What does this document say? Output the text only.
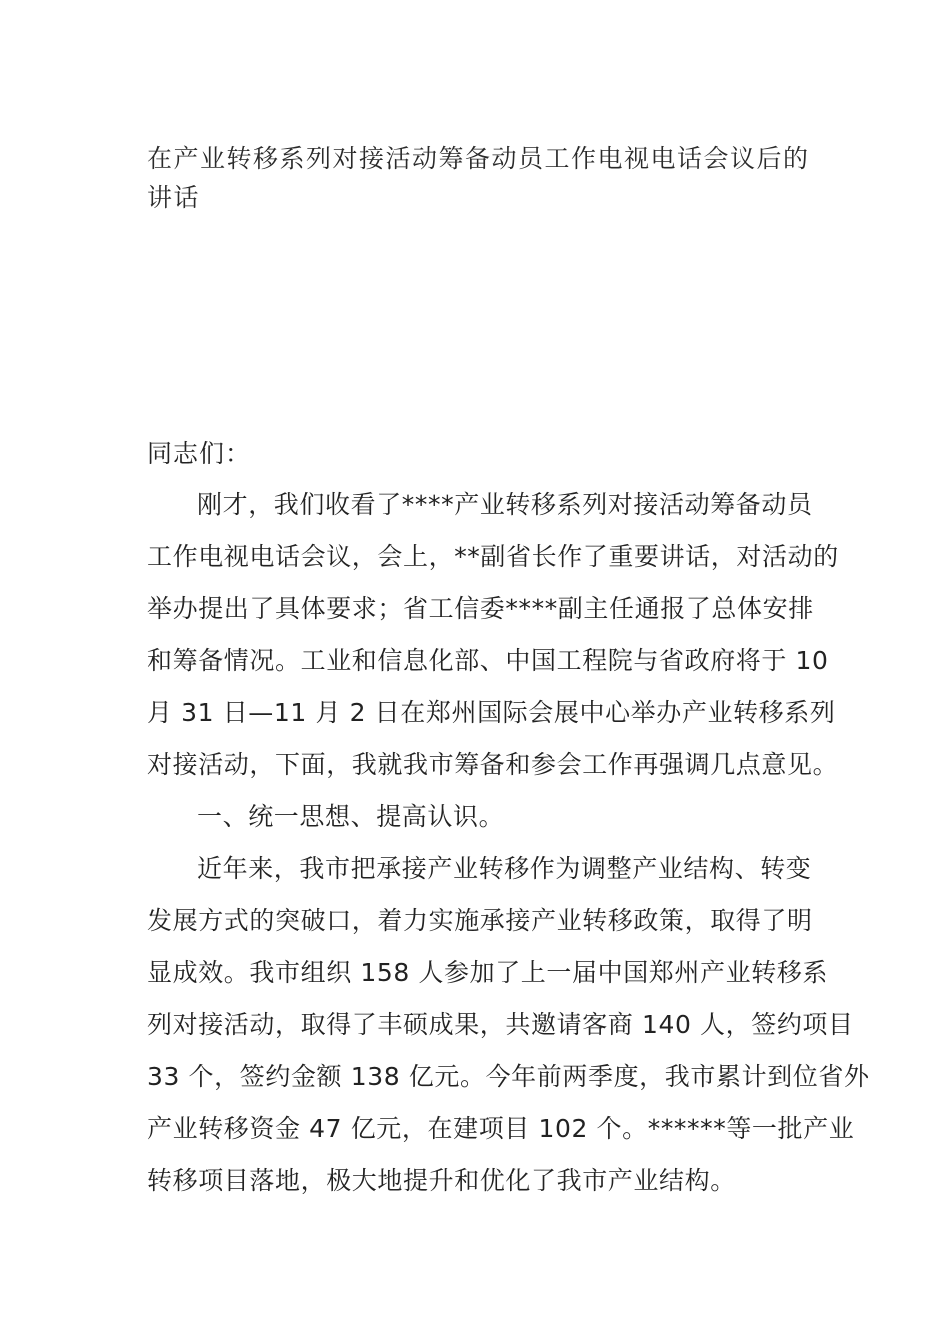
在产业转移系列对接活动筹备动员工作电视电话会议后的
讲话

同志们：

刚才，我们收看了****产业转移系列对接活动筹备动员
工作电视电话会议，会上，**副省长作了重要讲话，对活动的
举办提出了具体要求；省工信委****副主任通报了总体安排
和筹备情况。工业和信息化部、中国工程院与省政府将于 10
月 31 日—11 月 2 日在郑州国际会展中心举办产业转移系列
对接活动，下面，我就我市筹备和参会工作再强调几点意见。
一、统一思想、提高认识。
近年来，我市把承接产业转移作为调整产业结构、转变
发展方式的突破口，着力实施承接产业转移政策，取得了明
显成效。我市组织 158 人参加了上一届中国郑州产业转移系
列对接活动，取得了丰硕成果，共邀请客商 140 人，签约项目
33 个，签约金额 138 亿元。今年前两季度，我市累计到位省外
产业转移资金 47 亿元，在建项目 102 个。******等一批产业
转移项目落地，极大地提升和优化了我市产业结构。
